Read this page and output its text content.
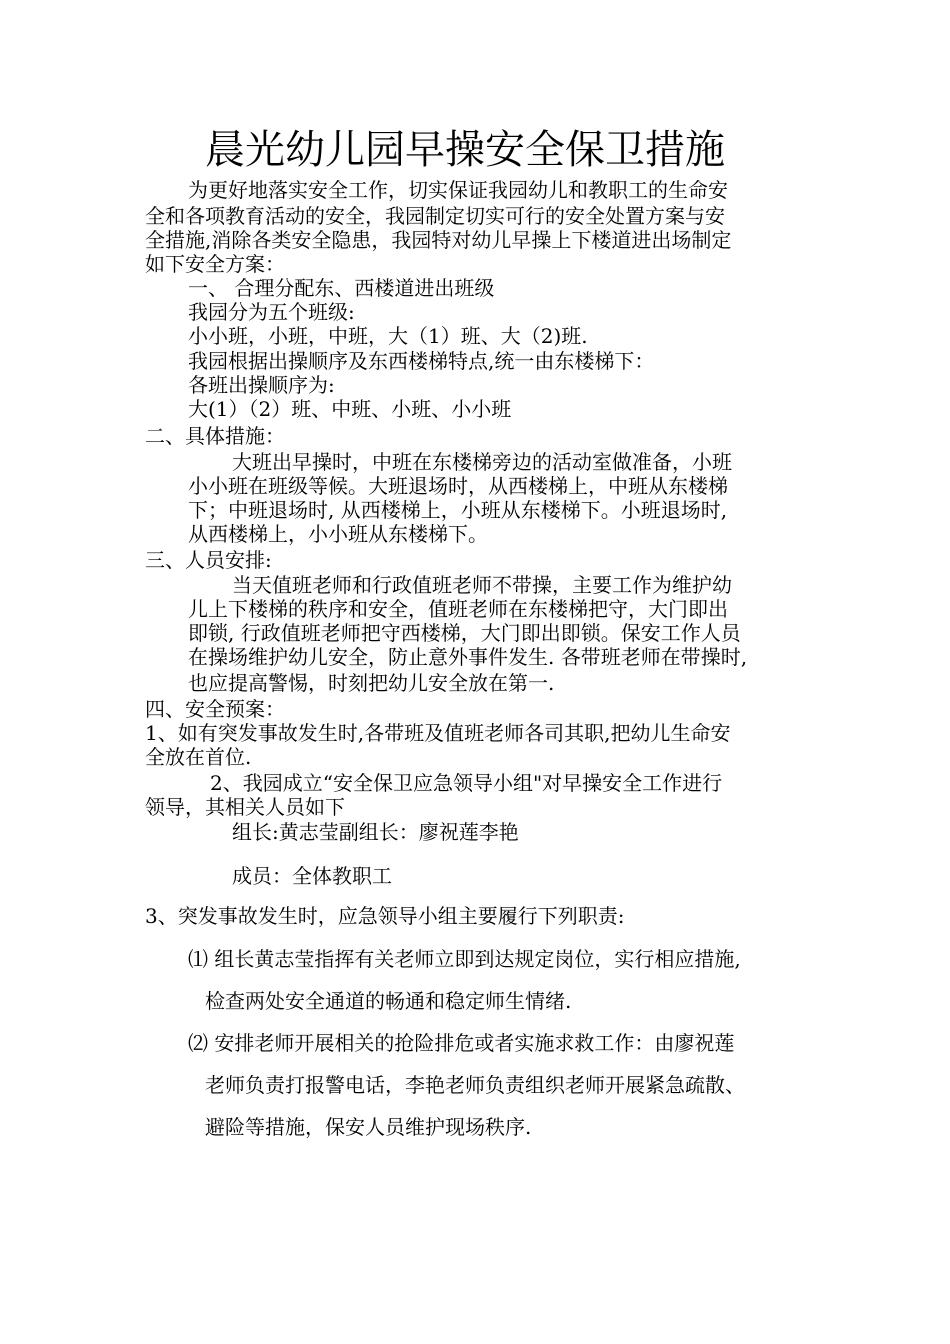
晨光幼儿园早操安全保卫措施
为更好地落实安全工作，切实保证我园幼儿和教职工的生命安
全和各项教育活动的安全，我园制定切实可行的安全处置方案与安
全措施,消除各类安全隐患，我园特对幼儿早操上下楼道进出场制定
如下安全方案：
一、 合理分配东、西楼道进出班级
我园分为五个班级:
小小班，小班，中班，大（1）班、大（2)班.
我园根据出操顺序及东西楼梯特点,统一由东楼梯下：
各班出操顺序为:
大(1）（2）班、中班、小班、小小班
二、具体措施：
大班出早操时，中班在东楼梯旁边的活动室做准备，小班
小小班在班级等候。大班退场时，从西楼梯上，中班从东楼梯
下；中班退场时, 从西楼梯上，小班从东楼梯下。小班退场时,
从西楼梯上，小小班从东楼梯下。
三、人员安排:
当天值班老师和行政值班老师不带操，主要工作为维护幼
儿上下楼梯的秩序和安全，值班老师在东楼梯把守，大门即出
即锁, 行政值班老师把守西楼梯，大门即出即锁。保安工作人员
在操场维护幼儿安全，防止意外事件发生. 各带班老师在带操时,
也应提高警惕，时刻把幼儿安全放在第一.
四、安全预案：
1、如有突发事故发生时,各带班及值班老师各司其职,把幼儿生命安
全放在首位.
2、我园成立“安全保卫应急领导小组"对早操安全工作进行
领导，其相关人员如下
组长:黄志莹副组长：廖祝莲李艳
成员：全体教职工
3、突发事故发生时，应急领导小组主要履行下列职责:
⑴ 组长黄志莹指挥有关老师立即到达规定岗位，实行相应措施,
检查两处安全通道的畅通和稳定师生情绪.
⑵ 安排老师开展相关的抢险排危或者实施求救工作：由廖祝莲
老师负责打报警电话，李艳老师负责组织老师开展紧急疏散、
避险等措施，保安人员维护现场秩序.
